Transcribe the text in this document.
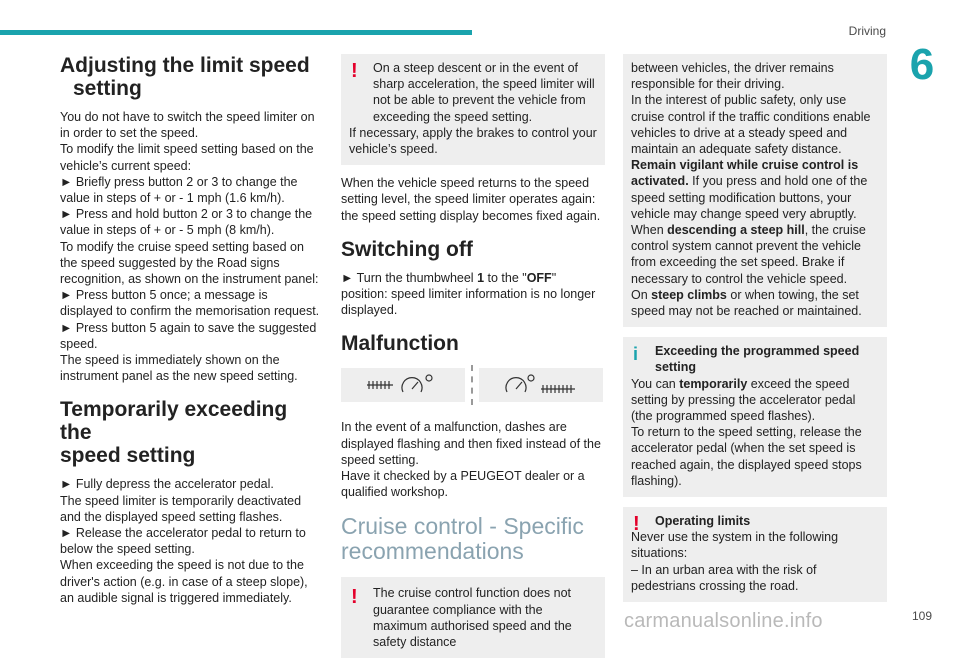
Driving
6
Adjusting the limit speed
setting

You do not have to switch the speed limiter on in order to set the speed.

To modify the limit speed setting based on the vehicle’s current speed:

► Briefly press button 2 or 3 to change the value in steps of + or - 1 mph (1.6 km/h).

► Press and hold button 2 or 3 to change the value in steps of + or - 5 mph (8 km/h).

To modify the cruise speed setting based on the speed suggested by the Road signs recognition, as shown on the instrument panel:

► Press button 5 once; a message is displayed to confirm the memorisation request.

► Press button 5 again to save the suggested speed.

The speed is immediately shown on the instrument panel as the new speed setting.

Temporarily exceeding the
speed setting

► Fully depress the accelerator pedal.

The speed limiter is temporarily deactivated and the displayed speed setting flashes.

► Release the accelerator pedal to return to below the speed setting.

When exceeding the speed is not due to the driver's action (e.g. in case of a steep slope), an audible signal is triggered immediately.

!	On a steep descent or in the event of sharp acceleration, the speed limiter will not be able to prevent the vehicle from exceeding the speed setting.

If necessary, apply the brakes to control your vehicle’s speed.

When the vehicle speed returns to the speed setting level, the speed limiter operates again: the speed setting display becomes fixed again.

Switching off

► Turn the thumbwheel 1 to the "OFF" position: speed limiter information is no longer displayed.

Malfunction

In the event of a malfunction, dashes are displayed flashing and then fixed instead of the speed setting.

Have it checked by a PEUGEOT dealer or a qualified workshop.

Cruise control - Specific recommendations
!	The cruise control function does not guarantee compliance with the maximum authorised speed and the safety distance

between vehicles, the driver remains responsible for their driving.

In the interest of public safety, only use cruise control if the traffic conditions enable vehicles to drive at a steady speed and maintain an adequate safety distance.

Remain vigilant while cruise control is activated. If you press and hold one of the speed setting modification buttons, your vehicle may change speed very abruptly.

When descending a steep hill, the cruise control system cannot prevent the vehicle from exceeding the set speed. Brake if necessary to control the vehicle speed.

On steep climbs or when towing, the set speed may not be reached or maintained.

i	Exceeding the programmed speed setting

You can temporarily exceed the speed setting by pressing the accelerator pedal (the programmed speed flashes).

To return to the speed setting, release the accelerator pedal (when the set speed is reached again, the displayed speed stops flashing).

!	Operating limits

Never use the system in the following situations:

– In an urban area with the risk of pedestrians crossing the road.

carmanualsonline.info	109
